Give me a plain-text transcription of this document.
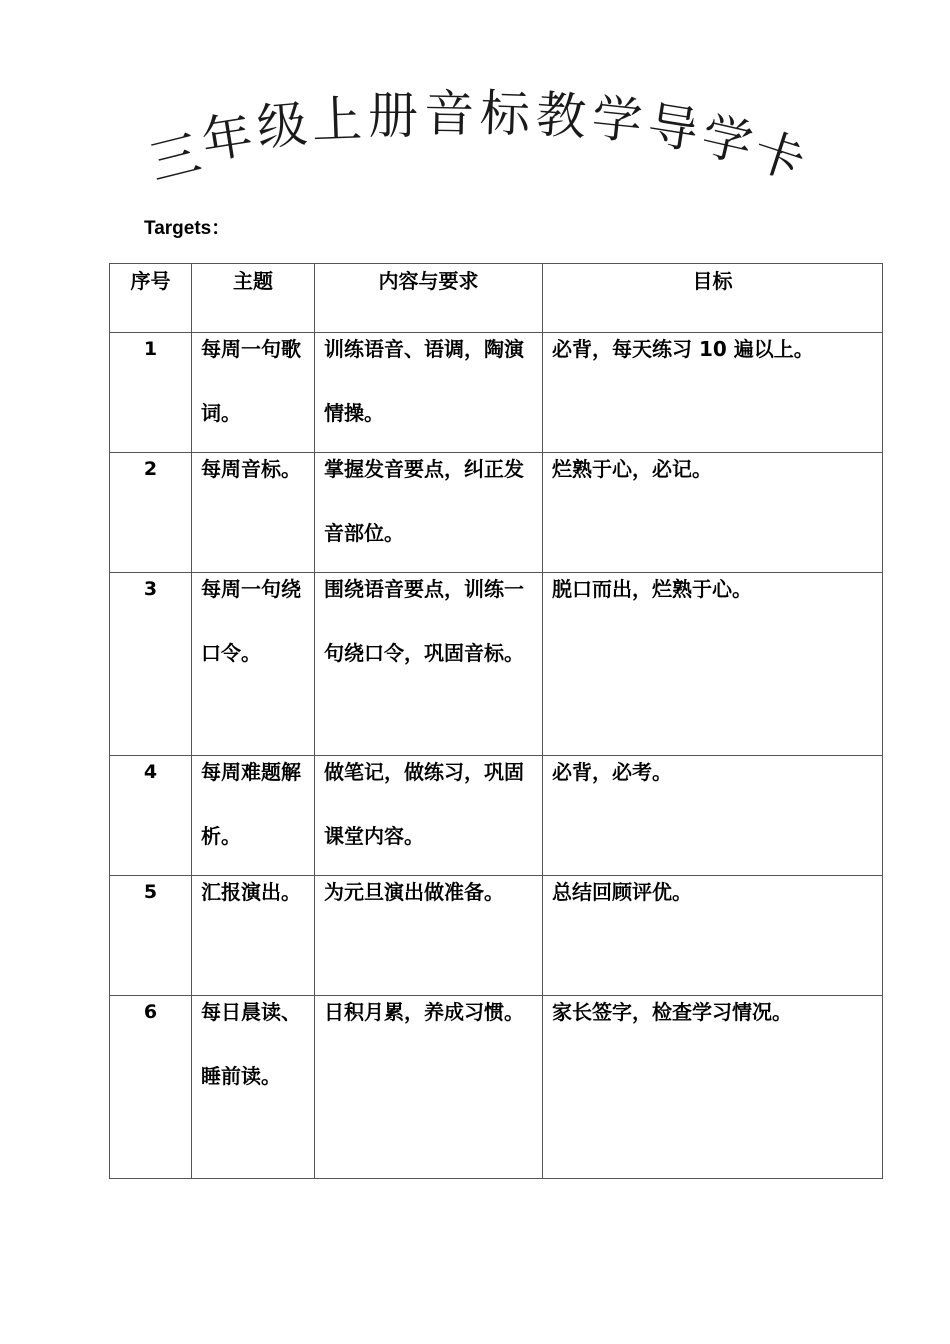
三
年
级 上 册 音 标 教 学
导
学
卡
Targets：
序号	主题	内容与要求	目标

1	每周一句歌词。	训练语音、语调，陶演情操。	必背，每天练习 10 遍以上。

2	每周音标。	掌握发音要点，纠正发音部位。	烂熟于心，必记。

3	每周一句绕口令。	围绕语音要点，训练一句绕口令，巩固音标。	脱口而出，烂熟于心。

4	每周难题解析。	做笔记，做练习，巩固课堂内容。	必背，必考。

5	汇报演出。	为元旦演出做准备。	总结回顾评优。

6	每日晨读、睡前读。	日积月累，养成习惯。	家长签字，检查学习情况。
